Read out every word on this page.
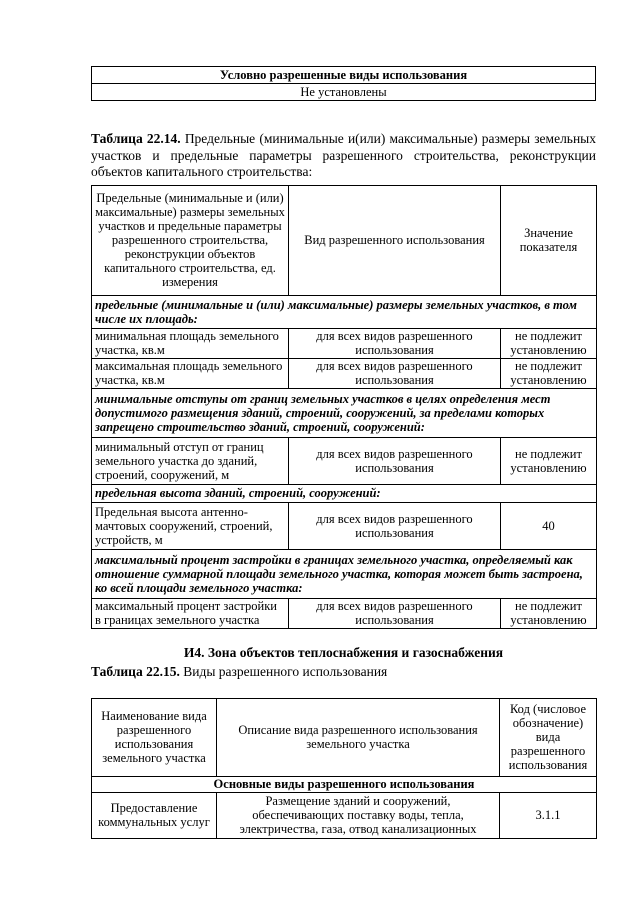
Условно разрешенные виды использования
Не установлены

Таблица 22.14. Предельные (минимальные и(или) максимальные) размеры земельных участков и предельные параметры разрешенного строительства, реконструкции объектов капитального строительства:

Предельные (минимальные и (или) максимальные) размеры земельных участков и предельные параметры разрешенного строительства, реконструкции объектов капитального строительства, ед. измерения	Вид разрешенного использования	Значение показателя
предельные (минимальные и (или) максимальные) размеры земельных участков, в том числе их площадь:		
минимальная площадь земельного участка, кв.м	для всех видов разрешенного использования	не подлежит установлению
максимальная площадь земельного участка, кв.м	для всех видов разрешенного использования	не подлежит установлению
минимальные отступы от границ земельных участков в целях определения мест допустимого размещения зданий, строений, сооружений, за пределами которых запрещено строительство зданий, строений, сооружений:		
минимальный отступ от границ земельного участка до зданий, строений, сооружений, м	для всех видов разрешенного использования	не подлежит установлению
предельная высота зданий, строений, сооружений:		
Предельная высота антенно-мачтовых сооружений, строений, устройств, м	для всех видов разрешенного использования	40
максимальный процент застройки в границах земельного участка, определяемый как отношение суммарной площади земельного участка, которая может быть застроена, ко всей площади земельного участка:		
максимальный процент застройки в границах земельного участка	для всех видов разрешенного использования	не подлежит установлению

И4. Зона объектов теплоснабжения и газоснабжения

Таблица 22.15. Виды разрешенного использования

Наименование вида разрешенного использования земельного участка	Описание вида разрешенного использования земельного участка	Код (числовое обозначение) вида разрешенного использования
Основные виды разрешенного использования		
Предоставление коммунальных услуг	Размещение зданий и сооружений, обеспечивающих поставку воды, тепла, электричества, газа, отвод канализационных	3.1.1
